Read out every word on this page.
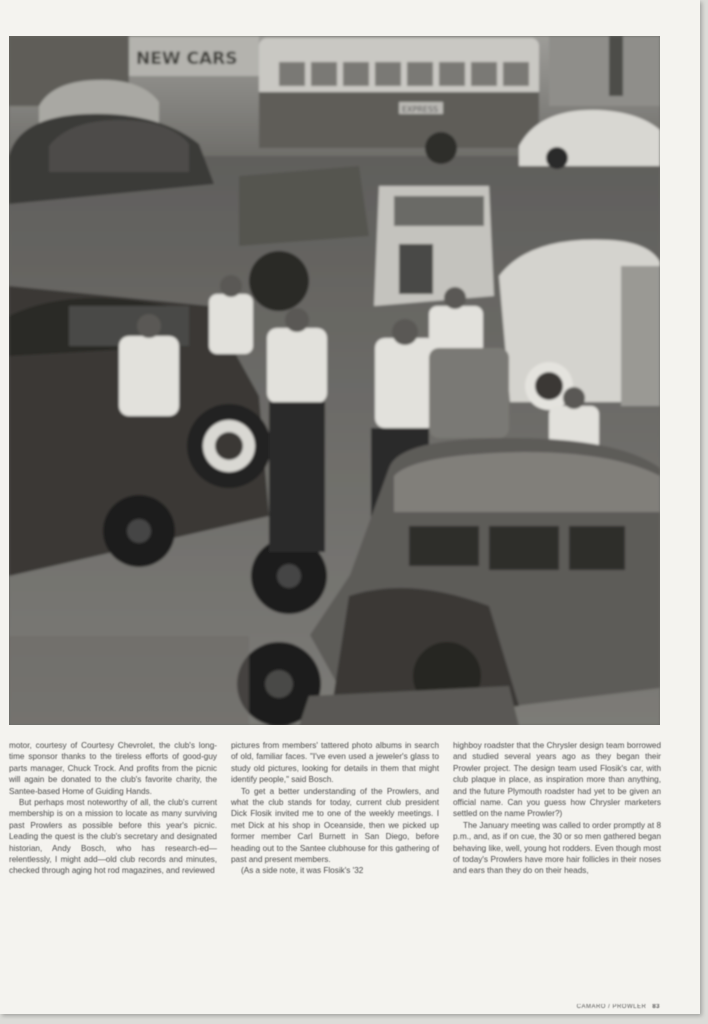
NEW CARS
EXPRESS

motor, courtesy of Courtesy Chevrolet, the club's long-time sponsor thanks to the tireless efforts of good-guy parts manager, Chuck Trock. And profits from the picnic will again be donated to the club's favorite charity, the Santee-based Home of Guiding Hands.

But perhaps most noteworthy of all, the club's current membership is on a mission to locate as many surviving past Prowlers as possible before this year's picnic. Leading the quest is the club's secretary and designated historian, Andy Bosch, who has research-ed—relentlessly, I might add—old club records and minutes, checked through aging hot rod magazines, and reviewed

pictures from members' tattered photo albums in search of old, familiar faces. "I've even used a jeweler's glass to study old pictures, looking for details in them that might identify people," said Bosch.

To get a better understanding of the Prowlers, and what the club stands for today, current club president Dick Flosik invited me to one of the weekly meetings. I met Dick at his shop in Oceanside, then we picked up former member Carl Burnett in San Diego, before heading out to the Santee clubhouse for this gathering of past and present members.

(As a side note, it was Flosik's '32

highboy roadster that the Chrysler design team borrowed and studied several years ago as they began their Prowler project. The design team used Flosik's car, with club plaque in place, as inspiration more than anything, and the future Plymouth roadster had yet to be given an official name. Can you guess how Chrysler marketers settled on the name Prowler?)

The January meeting was called to order promptly at 8 p.m., and, as if on cue, the 30 or so men gathered began behaving like, well, young hot rodders. Even though most of today's Prowlers have more hair follicles in their noses and ears than they do on their heads,

CAMARO / PROWLER 83
